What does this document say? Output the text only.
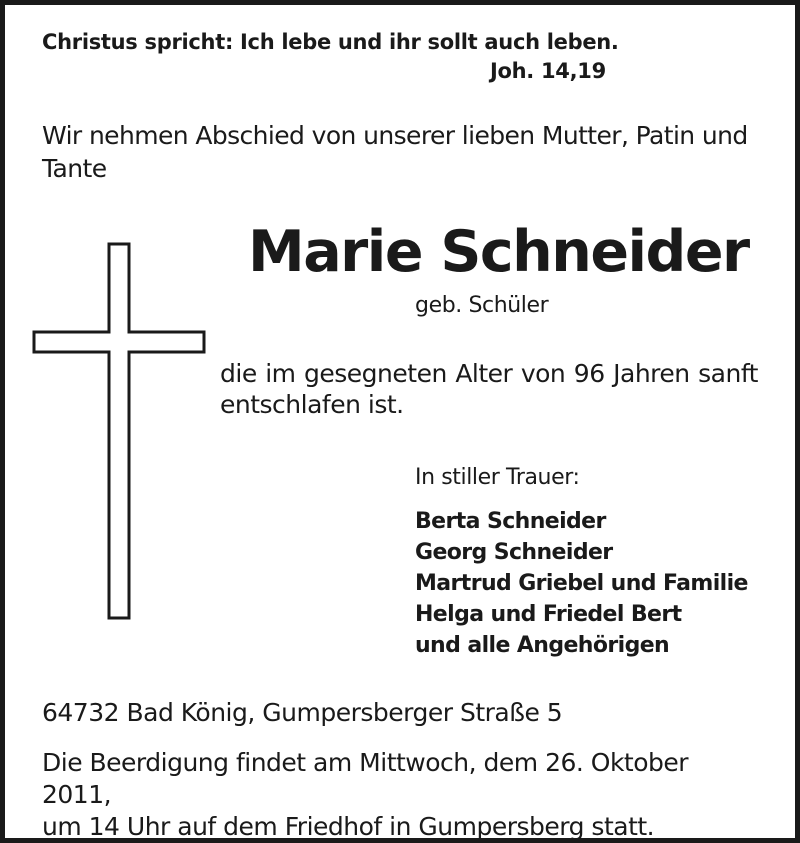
Christus spricht: Ich lebe und ihr sollt auch leben.
Joh. 14,19
Wir nehmen Abschied von unserer lieben Mutter, Patin und Tante
Marie Schneider
geb. Schüler
die im gesegneten Alter von 96 Jahren sanft entschlafen ist.
In stiller Trauer:
Berta Schneider
Georg Schneider
Martrud Griebel und Familie
Helga und Friedel Bert
und alle Angehörigen
64732 Bad König, Gumpersberger Straße 5
Die Beerdigung findet am Mittwoch, dem 26. Oktober 2011,
um 14 Uhr auf dem Friedhof in Gumpersberg statt.
